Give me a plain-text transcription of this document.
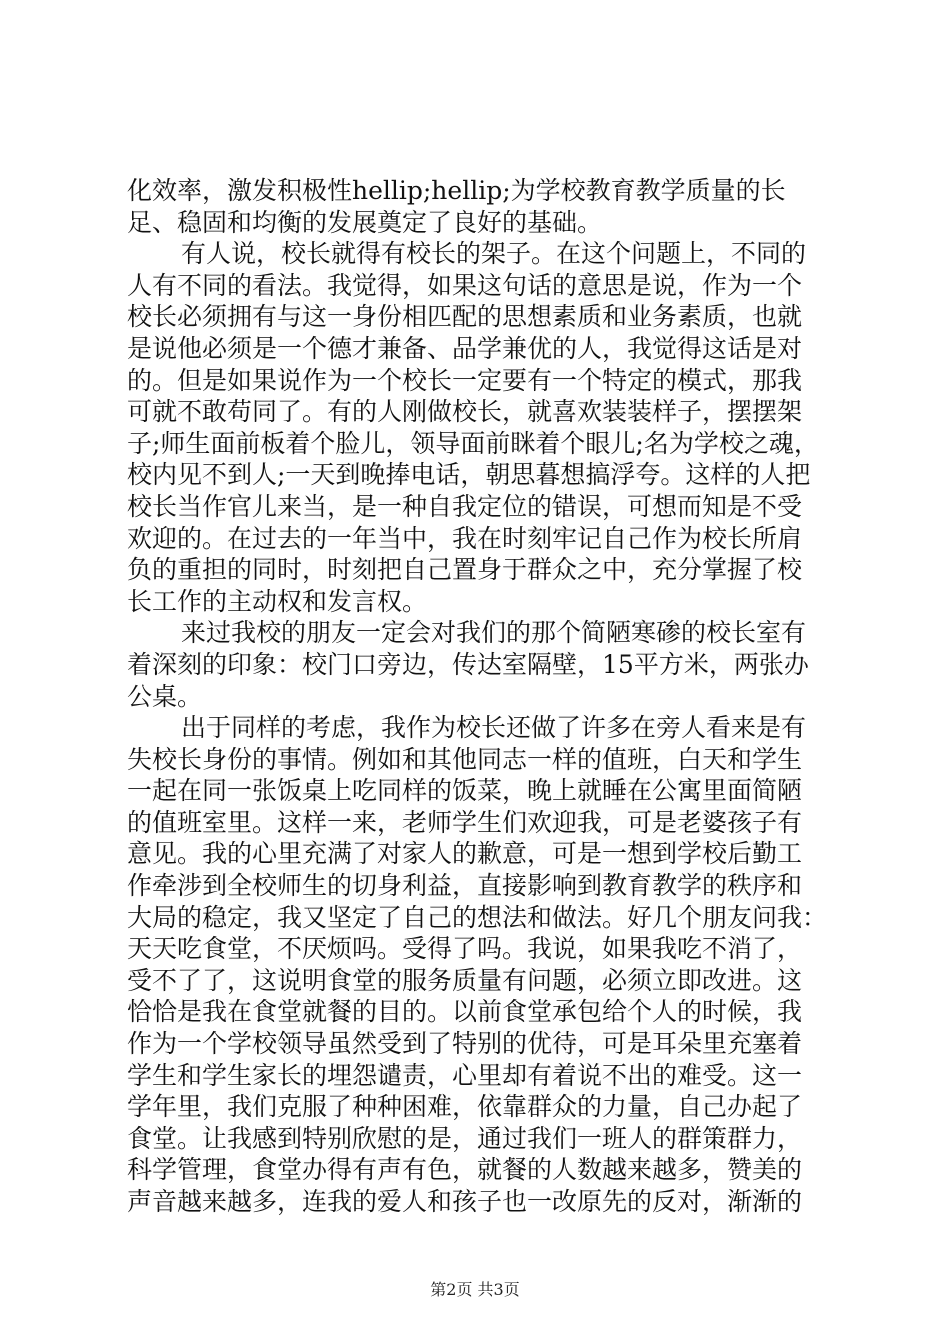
化效率，激发积极性hellip;hellip;为学校教育教学质量的长
足、稳固和均衡的发展奠定了良好的基础。
有人说，校长就得有校长的架子。在这个问题上，不同的
人有不同的看法。我觉得，如果这句话的意思是说，作为一个
校长必须拥有与这一身份相匹配的思想素质和业务素质，也就
是说他必须是一个德才兼备、品学兼优的人，我觉得这话是对
的。但是如果说作为一个校长一定要有一个特定的模式，那我
可就不敢苟同了。有的人刚做校长，就喜欢装装样子，摆摆架
子;师生面前板着个脸儿，领导面前眯着个眼儿;名为学校之魂，
校内见不到人;一天到晚捧电话，朝思暮想搞浮夸。这样的人把
校长当作官儿来当，是一种自我定位的错误，可想而知是不受
欢迎的。在过去的一年当中，我在时刻牢记自己作为校长所肩
负的重担的同时，时刻把自己置身于群众之中，充分掌握了校
长工作的主动权和发言权。
来过我校的朋友一定会对我们的那个简陋寒碜的校长室有
着深刻的印象：校门口旁边，传达室隔壁，15平方米，两张办
公桌。
出于同样的考虑，我作为校长还做了许多在旁人看来是有
失校长身份的事情。例如和其他同志一样的值班，白天和学生
一起在同一张饭桌上吃同样的饭菜，晚上就睡在公寓里面简陋
的值班室里。这样一来，老师学生们欢迎我，可是老婆孩子有
意见。我的心里充满了对家人的歉意，可是一想到学校后勤工
作牵涉到全校师生的切身利益，直接影响到教育教学的秩序和
大局的稳定，我又坚定了自己的想法和做法。好几个朋友问我：
天天吃食堂，不厌烦吗。受得了吗。我说，如果我吃不消了，
受不了了，这说明食堂的服务质量有问题，必须立即改进。这
恰恰是我在食堂就餐的目的。以前食堂承包给个人的时候，我
作为一个学校领导虽然受到了特别的优待，可是耳朵里充塞着
学生和学生家长的埋怨谴责，心里却有着说不出的难受。这一
学年里，我们克服了种种困难，依靠群众的力量，自己办起了
食堂。让我感到特别欣慰的是，通过我们一班人的群策群力，
科学管理，食堂办得有声有色，就餐的人数越来越多，赞美的
声音越来越多，连我的爱人和孩子也一改原先的反对，渐渐的
第2页 共3页
